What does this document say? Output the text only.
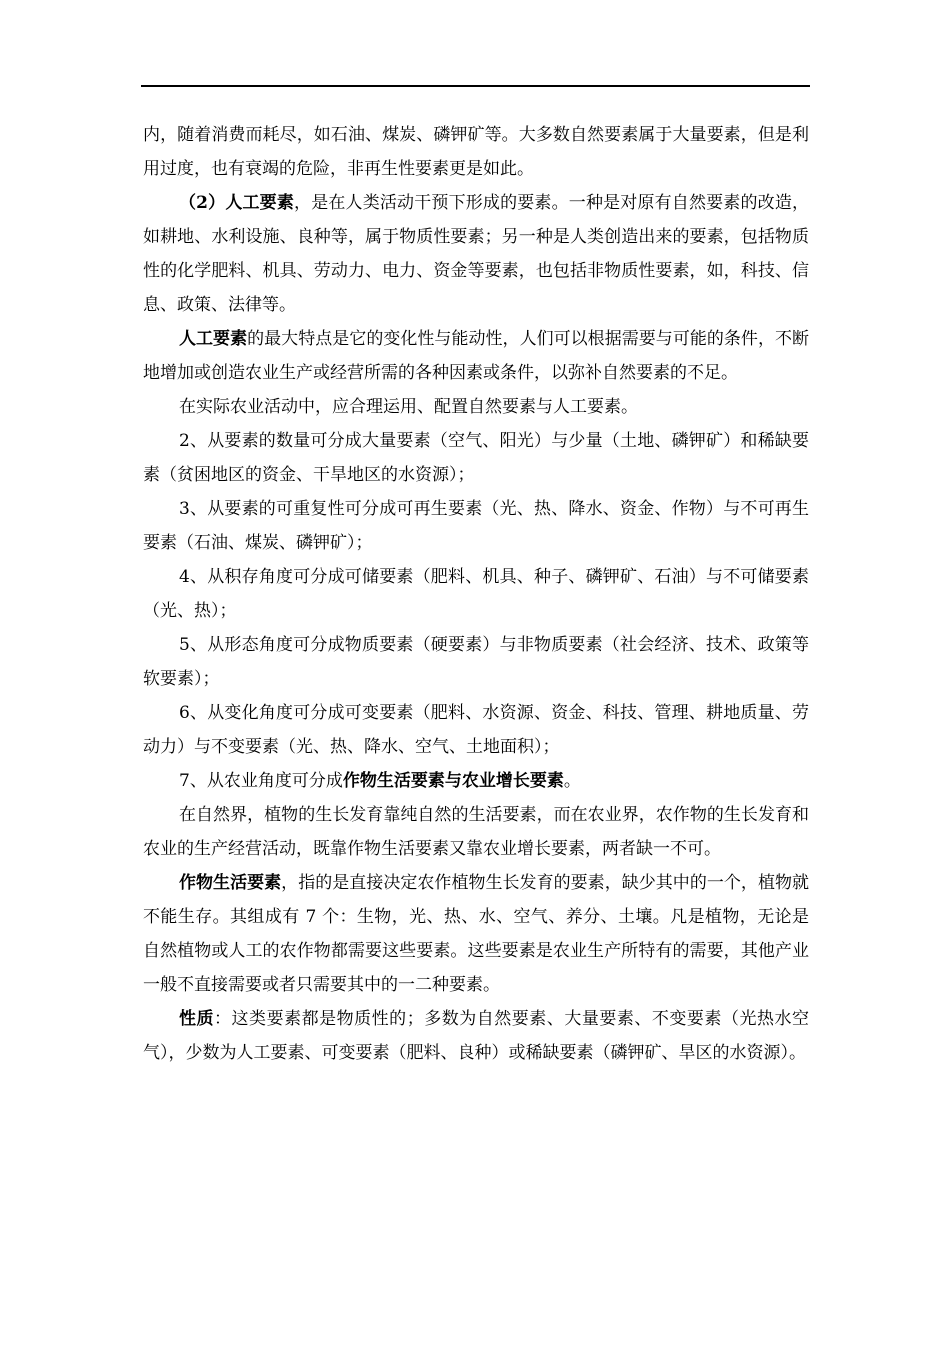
内，随着消费而耗尽，如石油、煤炭、磷钾矿等。大多数自然要素属于大量要素，但是利用过度，也有衰竭的危险，非再生性要素更是如此。

（2）人工要素，是在人类活动干预下形成的要素。一种是对原有自然要素的改造，如耕地、水利设施、良种等，属于物质性要素；另一种是人类创造出来的要素，包括物质性的化学肥料、机具、劳动力、电力、资金等要素，也包括非物质性要素，如，科技、信息、政策、法律等。

人工要素的最大特点是它的变化性与能动性，人们可以根据需要与可能的条件，不断地增加或创造农业生产或经营所需的各种因素或条件，以弥补自然要素的不足。

在实际农业活动中，应合理运用、配置自然要素与人工要素。

2、从要素的数量可分成大量要素（空气、阳光）与少量（土地、磷钾矿）和稀缺要素（贫困地区的资金、干旱地区的水资源）；

3、从要素的可重复性可分成可再生要素（光、热、降水、资金、作物）与不可再生要素（石油、煤炭、磷钾矿）；

4、从积存角度可分成可储要素（肥料、机具、种子、磷钾矿、石油）与不可储要素（光、热）；

5、从形态角度可分成物质要素（硬要素）与非物质要素（社会经济、技术、政策等软要素）；

6、从变化角度可分成可变要素（肥料、水资源、资金、科技、管理、耕地质量、劳动力）与不变要素（光、热、降水、空气、土地面积）；

7、从农业角度可分成作物生活要素与农业增长要素。

在自然界，植物的生长发育靠纯自然的生活要素，而在农业界，农作物的生长发育和农业的生产经营活动，既靠作物生活要素又靠农业增长要素，两者缺一不可。

作物生活要素，指的是直接决定农作植物生长发育的要素，缺少其中的一个，植物就不能生存。其组成有 7 个：生物，光、热、水、空气、养分、土壤。凡是植物，无论是自然植物或人工的农作物都需要这些要素。这些要素是农业生产所特有的需要，其他产业一般不直接需要或者只需要其中的一二种要素。

性质：这类要素都是物质性的；多数为自然要素、大量要素、不变要素（光热水空气），少数为人工要素、可变要素（肥料、良种）或稀缺要素（磷钾矿、旱区的水资源）。
